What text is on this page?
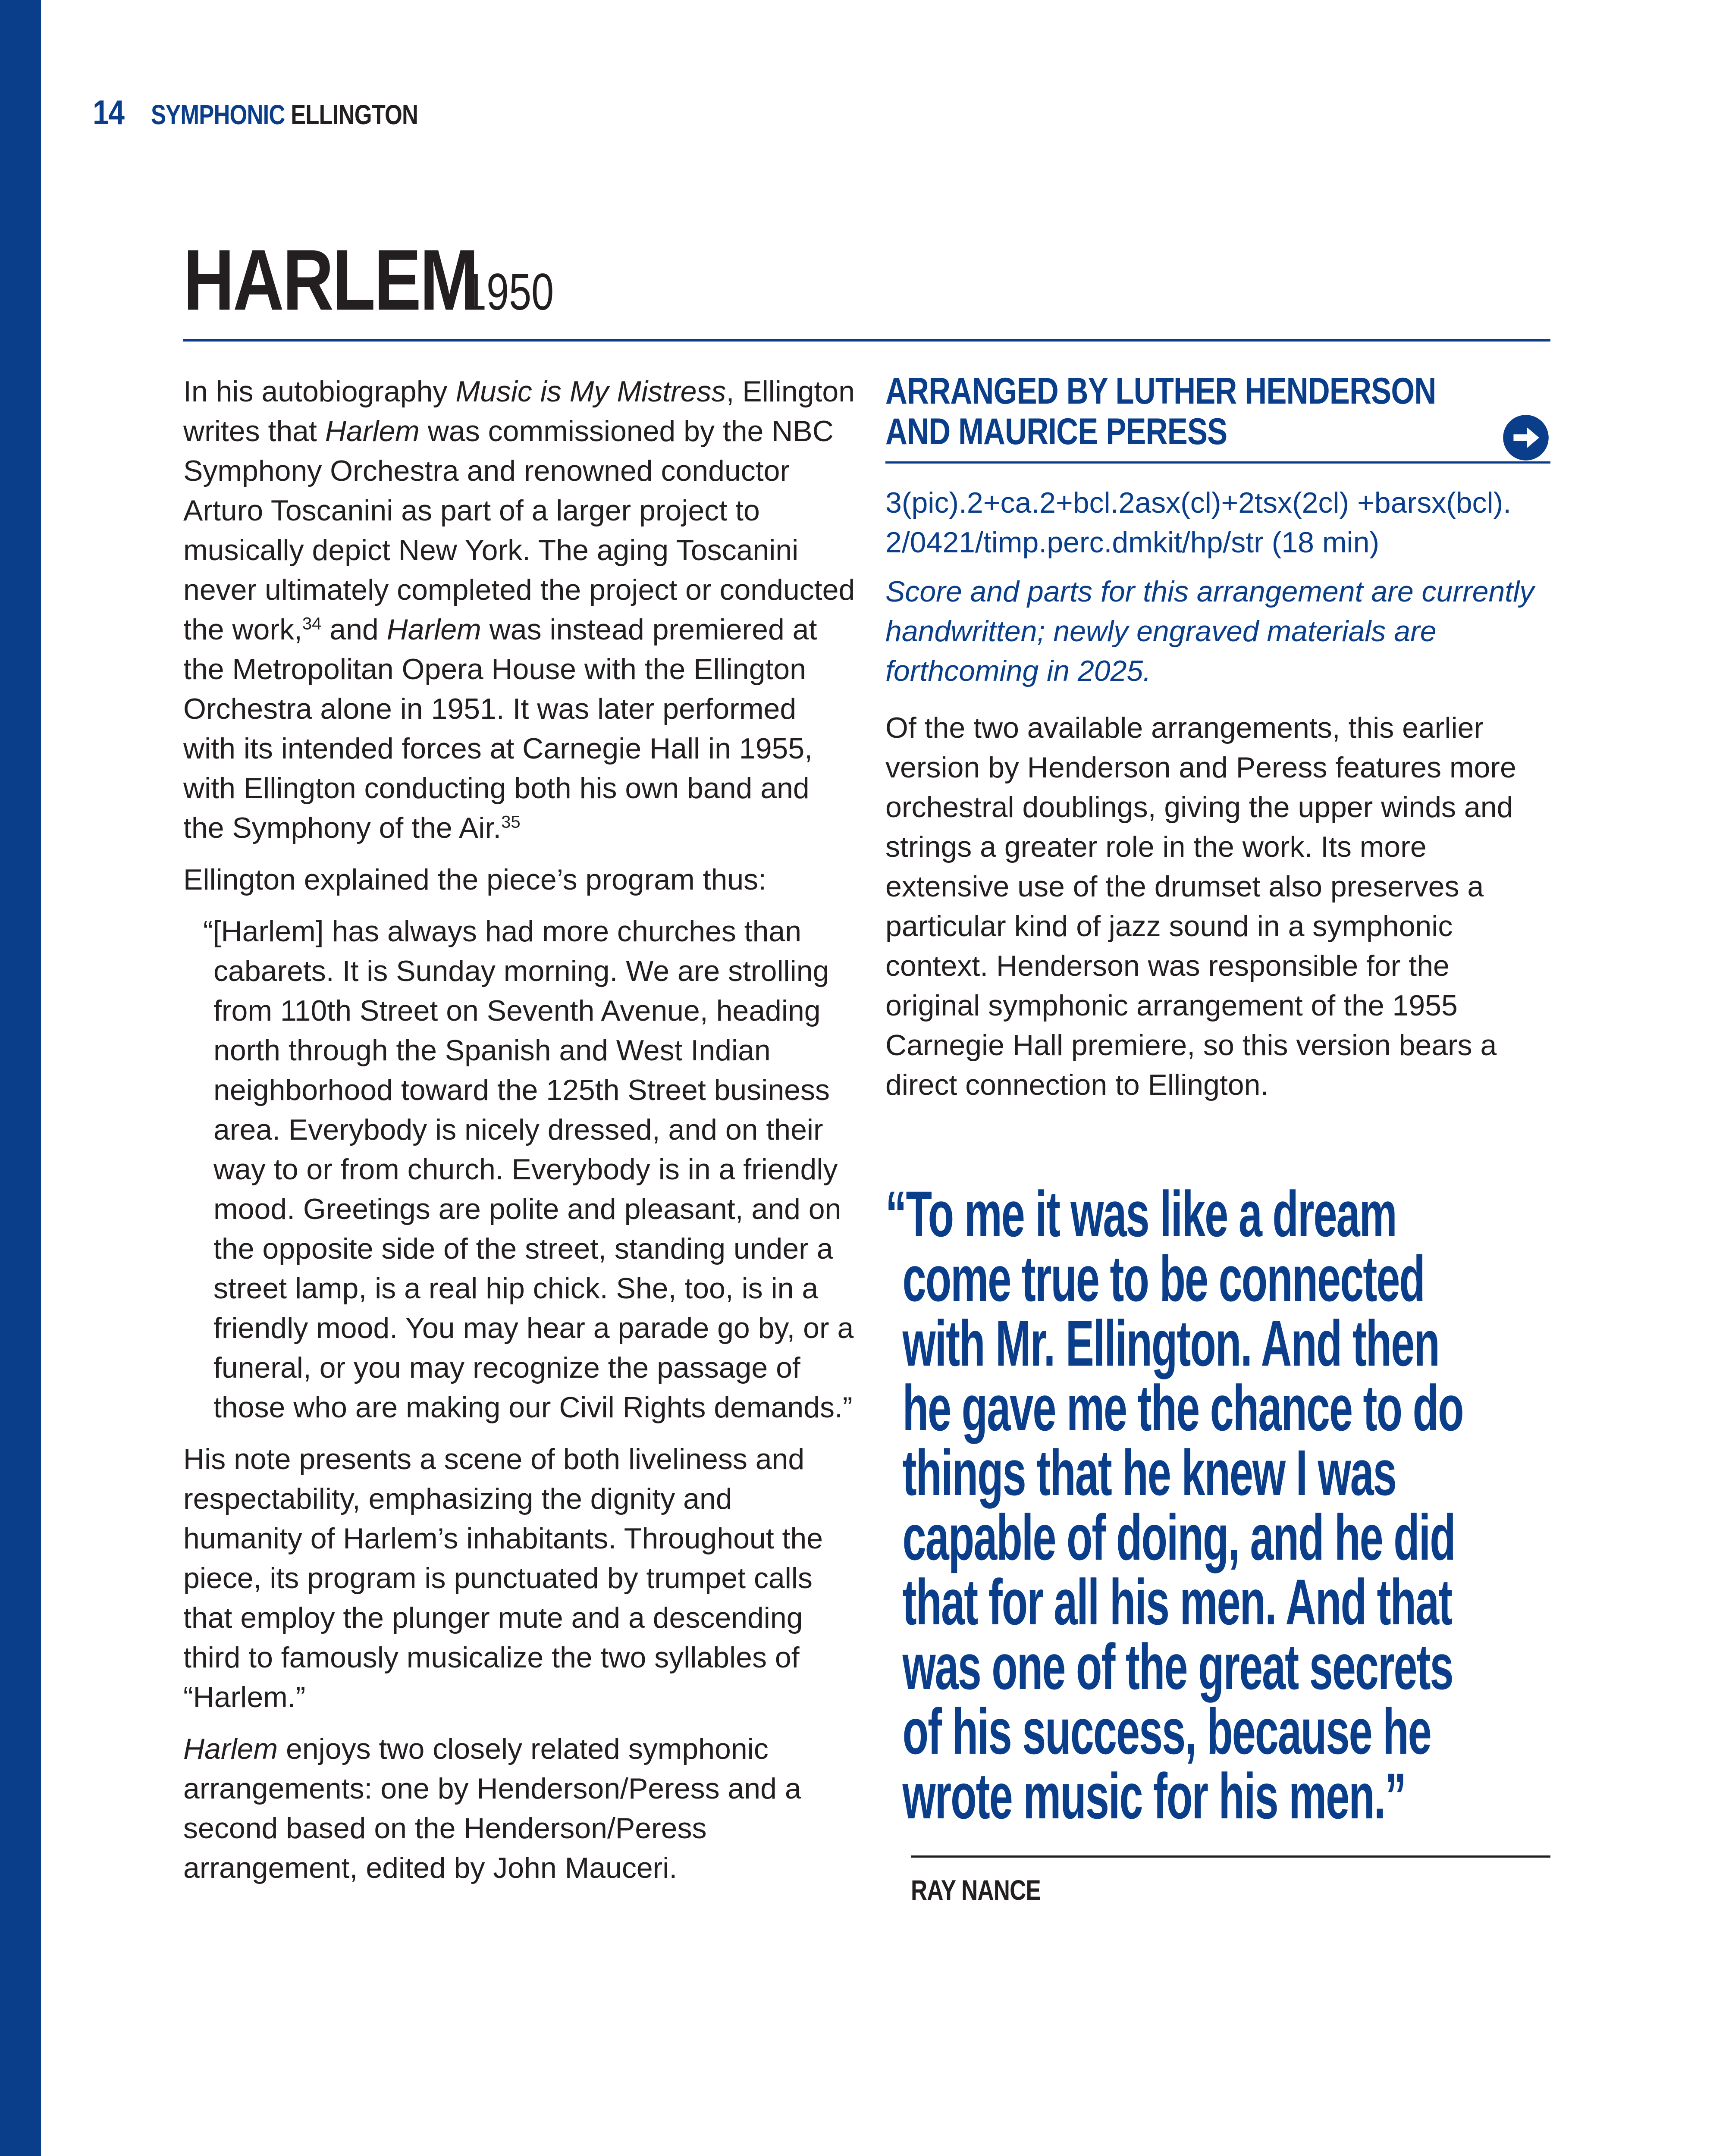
14 SYMPHONIC ELLINGTON
HARLEM
1950

In his autobiography Music is My Mistress, Ellington writes that Harlem was commissioned by the NBC Symphony Orchestra and renowned conductor Arturo Toscanini as part of a larger project to musically depict New York. The aging Toscanini never ultimately completed the project or conducted the work,$^{34}$ and Harlem was instead premiered at the Metropolitan Opera House with the Ellington Orchestra alone in 1951. It was later performed with its intended forces at Carnegie Hall in 1955, with Ellington conducting both his own band and the Symphony of the Air.$^{35}$

Ellington explained the piece’s program thus:

“[Harlem] has always had more churches than cabarets. It is Sunday morning. We are strolling from 110th Street on Seventh Avenue, heading north through the Spanish and West Indian neighborhood toward the 125th Street business area. Everybody is nicely dressed, and on their way to or from church. Everybody is in a friendly mood. Greetings are polite and pleasant, and on the opposite side of the street, standing under a street lamp, is a real hip chick. She, too, is in a friendly mood. You may hear a parade go by, or a funeral, or you may recognize the passage of those who are making our Civil Rights demands.”

His note presents a scene of both liveliness and respectability, emphasizing the dignity and humanity of Harlem’s inhabitants. Throughout the piece, its program is punctuated by trumpet calls that employ the plunger mute and a descending third to famously musicalize the two syllables of “Harlem.”

Harlem enjoys two closely related symphonic arrangements: one by Henderson/Peress and a second based on the Henderson/Peress arrangement, edited by John Mauceri.

ARRANGED BY LUTHER HENDERSON
AND MAURICE PERESS
3(pic).2+ca.2+bcl.2asx(cl)+2tsx(2cl) +barsx(bcl). 2/0421/timp.perc.dmkit/hp/str (18 min)
Score and parts for this arrangement are currently handwritten; newly engraved materials are forthcoming in 2025.
Of the two available arrangements, this earlier version by Henderson and Peress features more orchestral doublings, giving the upper winds and strings a greater role in the work. Its more extensive use of the drumset also preserves a particular kind of jazz sound in a symphonic context. Henderson was responsible for the original symphonic arrangement of the 1955 Carnegie Hall premiere, so this version bears a direct connection to Ellington.
“To me it was like a dream
come true to be connected
with Mr. Ellington. And then
he gave me the chance to do
things that he knew I was
capable of doing, and he did
that for all his men. And that
was one of the great secrets
of his success, because he
wrote music for his men.”
RAY NANCE
